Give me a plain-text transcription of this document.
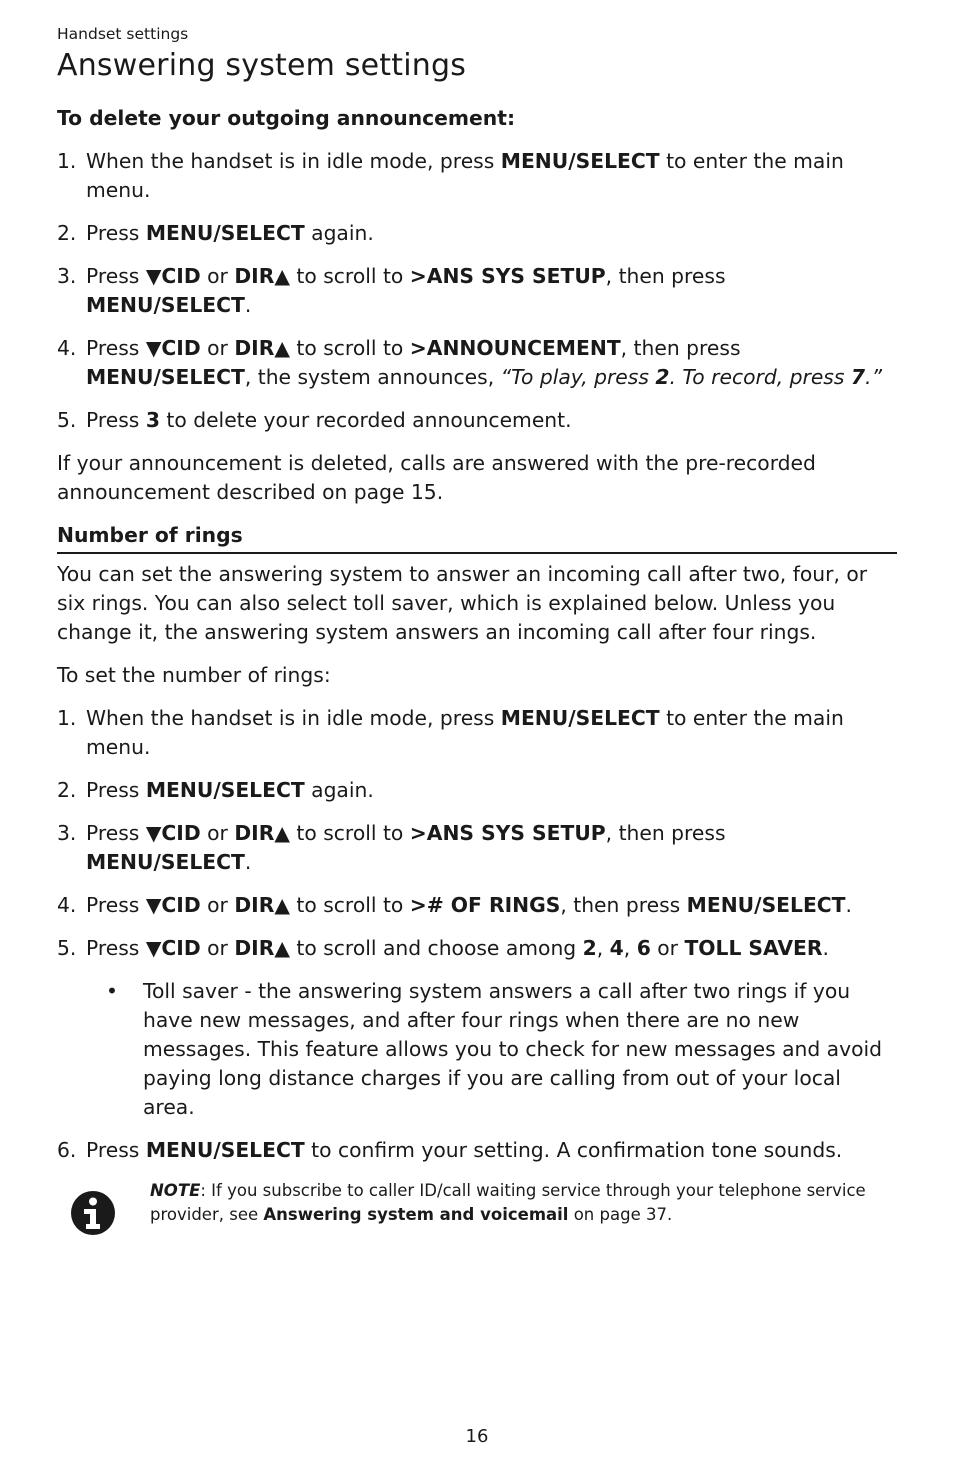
Handset settings
Answering system settings
To delete your outgoing announcement:
1. When the handset is in idle mode, press MENU/SELECT to enter the main menu.
2. Press MENU/SELECT again.
3. Press ▼CID or DIR▲ to scroll to >ANS SYS SETUP, then press MENU/SELECT.
4. Press ▼CID or DIR▲ to scroll to >ANNOUNCEMENT, then press MENU/SELECT, the system announces, “To play, press 2. To record, press 7.”
5. Press 3 to delete your recorded announcement.

If your announcement is deleted, calls are answered with the pre-recorded announcement described on page 15.

Number of rings

You can set the answering system to answer an incoming call after two, four, or six rings. You can also select toll saver, which is explained below. Unless you change it, the answering system answers an incoming call after four rings.

To set the number of rings:

1. When the handset is in idle mode, press MENU/SELECT to enter the main menu.
2. Press MENU/SELECT again.
3. Press ▼CID or DIR▲ to scroll to >ANS SYS SETUP, then press MENU/SELECT.
4. Press ▼CID or DIR▲ to scroll to ># OF RINGS, then press MENU/SELECT.
5. Press ▼CID or DIR▲ to scroll and choose among 2, 4, 6 or TOLL SAVER.
• Toll saver - the answering system answers a call after two rings if you have new messages, and after four rings when there are no new messages. This feature allows you to check for new messages and avoid paying long distance charges if you are calling from out of your local area.
6. Press MENU/SELECT to confirm your setting. A confirmation tone sounds.
NOTE: If you subscribe to caller ID/call waiting service through your telephone service provider, see Answering system and voicemail on page 37.
16
